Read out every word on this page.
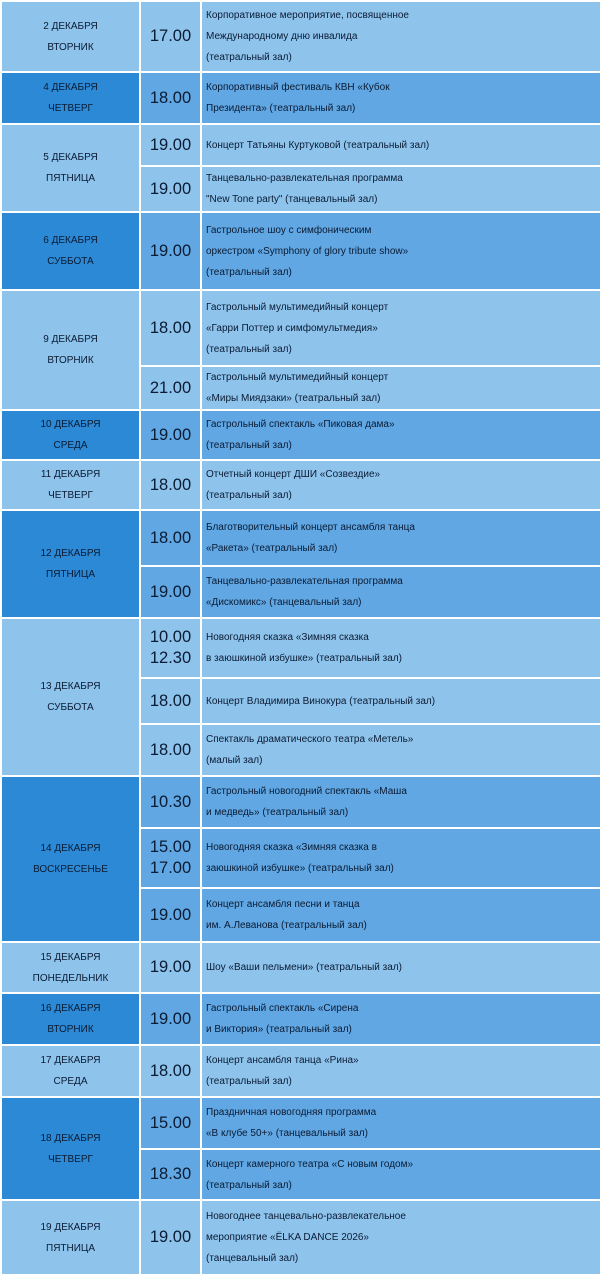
2 ДЕКАБРЯ
ВТОРНИК	17.00	Корпоративное мероприятие, посвященное
Международному дню инвалида
(театральный зал)

4 ДЕКАБРЯ
ЧЕТВЕРГ	18.00	Корпоративный фестиваль КВН «Кубок
Президента» (театральный зал)

5 ДЕКАБРЯ
ПЯТНИЦА	19.00	Концерт Татьяны Куртуковой (театральный зал)

	19.00	Танцевально-развлекательная программа
"New Tone party" (танцевальный зал)

6 ДЕКАБРЯ
СУББОТА	19.00	Гастрольное шоу с симфоническим
оркестром «Symphony of glory tribute show»
(театральный зал)

9 ДЕКАБРЯ
ВТОРНИК	18.00	Гастрольный мультимедийный концерт
«Гарри Поттер и симфомультмедия»
(театральный зал)

	21.00	Гастрольный мультимедийный концерт
«Миры Миядзаки» (театральный зал)

10 ДЕКАБРЯ
СРЕДА	19.00	Гастрольный спектакль «Пиковая дама»
(театральный зал)

11 ДЕКАБРЯ
ЧЕТВЕРГ	18.00	Отчетный концерт ДШИ «Созвездие»
(театральный зал)

12 ДЕКАБРЯ
ПЯТНИЦА	18.00	Благотворительный концерт ансамбля танца
«Ракета» (театральный зал)

	19.00	Танцевально-развлекательная программа
«Дискомикс» (танцевальный зал)

13 ДЕКАБРЯ
СУББОТА	10.00
12.30	Новогодняя сказка «Зимняя сказка
в заюшкиной избушке» (театральный зал)

	18.00	Концерт Владимира Винокура (театральный зал)

	18.00	Спектакль драматического театра «Метель»
(малый зал)

14 ДЕКАБРЯ
ВОСКРЕСЕНЬЕ	10.30	Гастрольный новогодний спектакль «Маша
и медведь» (театральный зал)

	15.00
17.00	Новогодняя сказка «Зимняя сказка в
заюшкиной избушке» (театральный зал)

	19.00	Концерт ансамбля песни и танца
им. А.Леванова (театральный зал)

15 ДЕКАБРЯ
ПОНЕДЕЛЬНИК	19.00	Шоу «Ваши пельмени» (театральный зал)

16 ДЕКАБРЯ
ВТОРНИК	19.00	Гастрольный спектакль «Сирена
и Виктория» (театральный зал)

17 ДЕКАБРЯ
СРЕДА	18.00	Концерт ансамбля танца «Рина»
(театральный зал)

18 ДЕКАБРЯ
ЧЕТВЕРГ	15.00	Праздничная новогодняя программа
«В клубе 50+» (танцевальный зал)

	18.30	Концерт камерного театра «С новым годом»
(театральный зал)

19 ДЕКАБРЯ
ПЯТНИЦА	19.00	Новогоднее танцевально-развлекательное
мероприятие «ЁLKA DANCE 2026»
(танцевальный зал)
